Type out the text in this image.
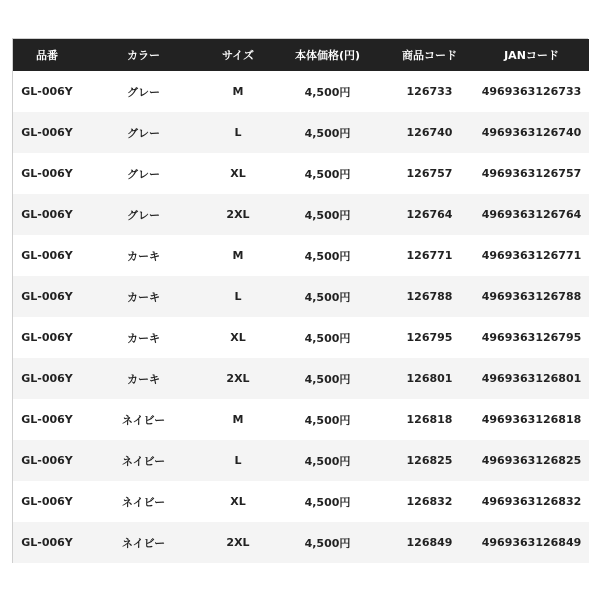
品番	カラー	サイズ	本体価格(円)	商品コード	JANコード
GL-006Y	グレー	M	4,500円	126733	4969363126733
GL-006Y	グレー	L	4,500円	126740	4969363126740
GL-006Y	グレー	XL	4,500円	126757	4969363126757
GL-006Y	グレー	2XL	4,500円	126764	4969363126764
GL-006Y	カーキ	M	4,500円	126771	4969363126771
GL-006Y	カーキ	L	4,500円	126788	4969363126788
GL-006Y	カーキ	XL	4,500円	126795	4969363126795
GL-006Y	カーキ	2XL	4,500円	126801	4969363126801
GL-006Y	ネイビー	M	4,500円	126818	4969363126818
GL-006Y	ネイビー	L	4,500円	126825	4969363126825
GL-006Y	ネイビー	XL	4,500円	126832	4969363126832
GL-006Y	ネイビー	2XL	4,500円	126849	4969363126849
